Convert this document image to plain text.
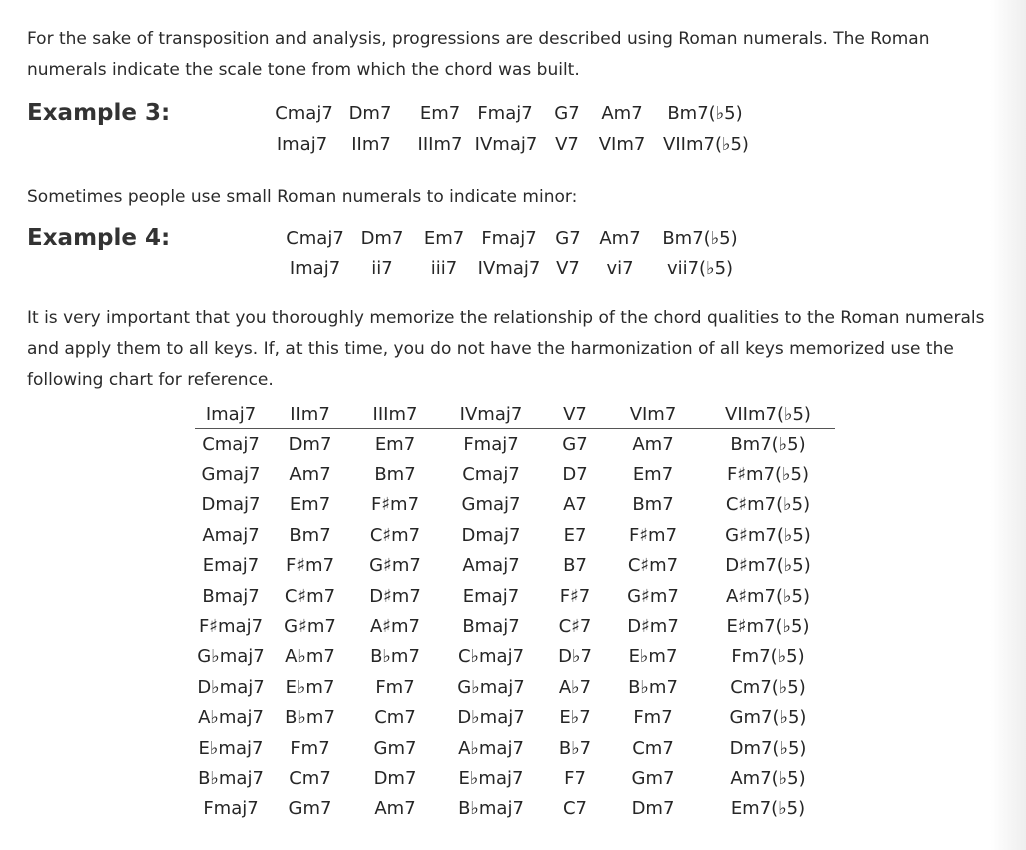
For the sake of transposition and analysis, progressions are described using Roman numerals. The Roman numerals indicate the scale tone from which the chord was built.

Example 3:	Cmaj7 Dm7 Em7 Fmaj7 G7 Am7 Bm7(♭5)
Imaj7 IIm7 IIIm7 IVmaj7 V7 VIm7 VIIm7(♭5)

Sometimes people use small Roman numerals to indicate minor:

Example 4:	Cmaj7 Dm7 Em7 Fmaj7 G7 Am7 Bm7(♭5)
Imaj7 ii7 iii7 IVmaj7 V7 vi7 vii7(♭5)

It is very important that you thoroughly memorize the relationship of the chord qualities to the Roman numerals and apply them to all keys. If, at this time, you do not have the harmonization of all keys memorized use the following chart for reference.

Imaj7	IIm7	IIIm7	IVmaj7	V7	VIm7	VIIm7(♭5)
Cmaj7	Dm7	Em7	Fmaj7	G7	Am7	Bm7(♭5)
Gmaj7	Am7	Bm7	Cmaj7	D7	Em7	F♯m7(♭5)
Dmaj7	Em7	F♯m7	Gmaj7	A7	Bm7	C♯m7(♭5)
Amaj7	Bm7	C♯m7	Dmaj7	E7	F♯m7	G♯m7(♭5)
Emaj7	F♯m7	G♯m7	Amaj7	B7	C♯m7	D♯m7(♭5)
Bmaj7	C♯m7	D♯m7	Emaj7	F♯7	G♯m7	A♯m7(♭5)
F♯maj7	G♯m7	A♯m7	Bmaj7	C♯7	D♯m7	E♯m7(♭5)
G♭maj7	A♭m7	B♭m7	C♭maj7	D♭7	E♭m7	Fm7(♭5)
D♭maj7	E♭m7	Fm7	G♭maj7	A♭7	B♭m7	Cm7(♭5)
A♭maj7	B♭m7	Cm7	D♭maj7	E♭7	Fm7	Gm7(♭5)
E♭maj7	Fm7	Gm7	A♭maj7	B♭7	Cm7	Dm7(♭5)
B♭maj7	Cm7	Dm7	E♭maj7	F7	Gm7	Am7(♭5)
Fmaj7	Gm7	Am7	B♭maj7	C7	Dm7	Em7(♭5)
